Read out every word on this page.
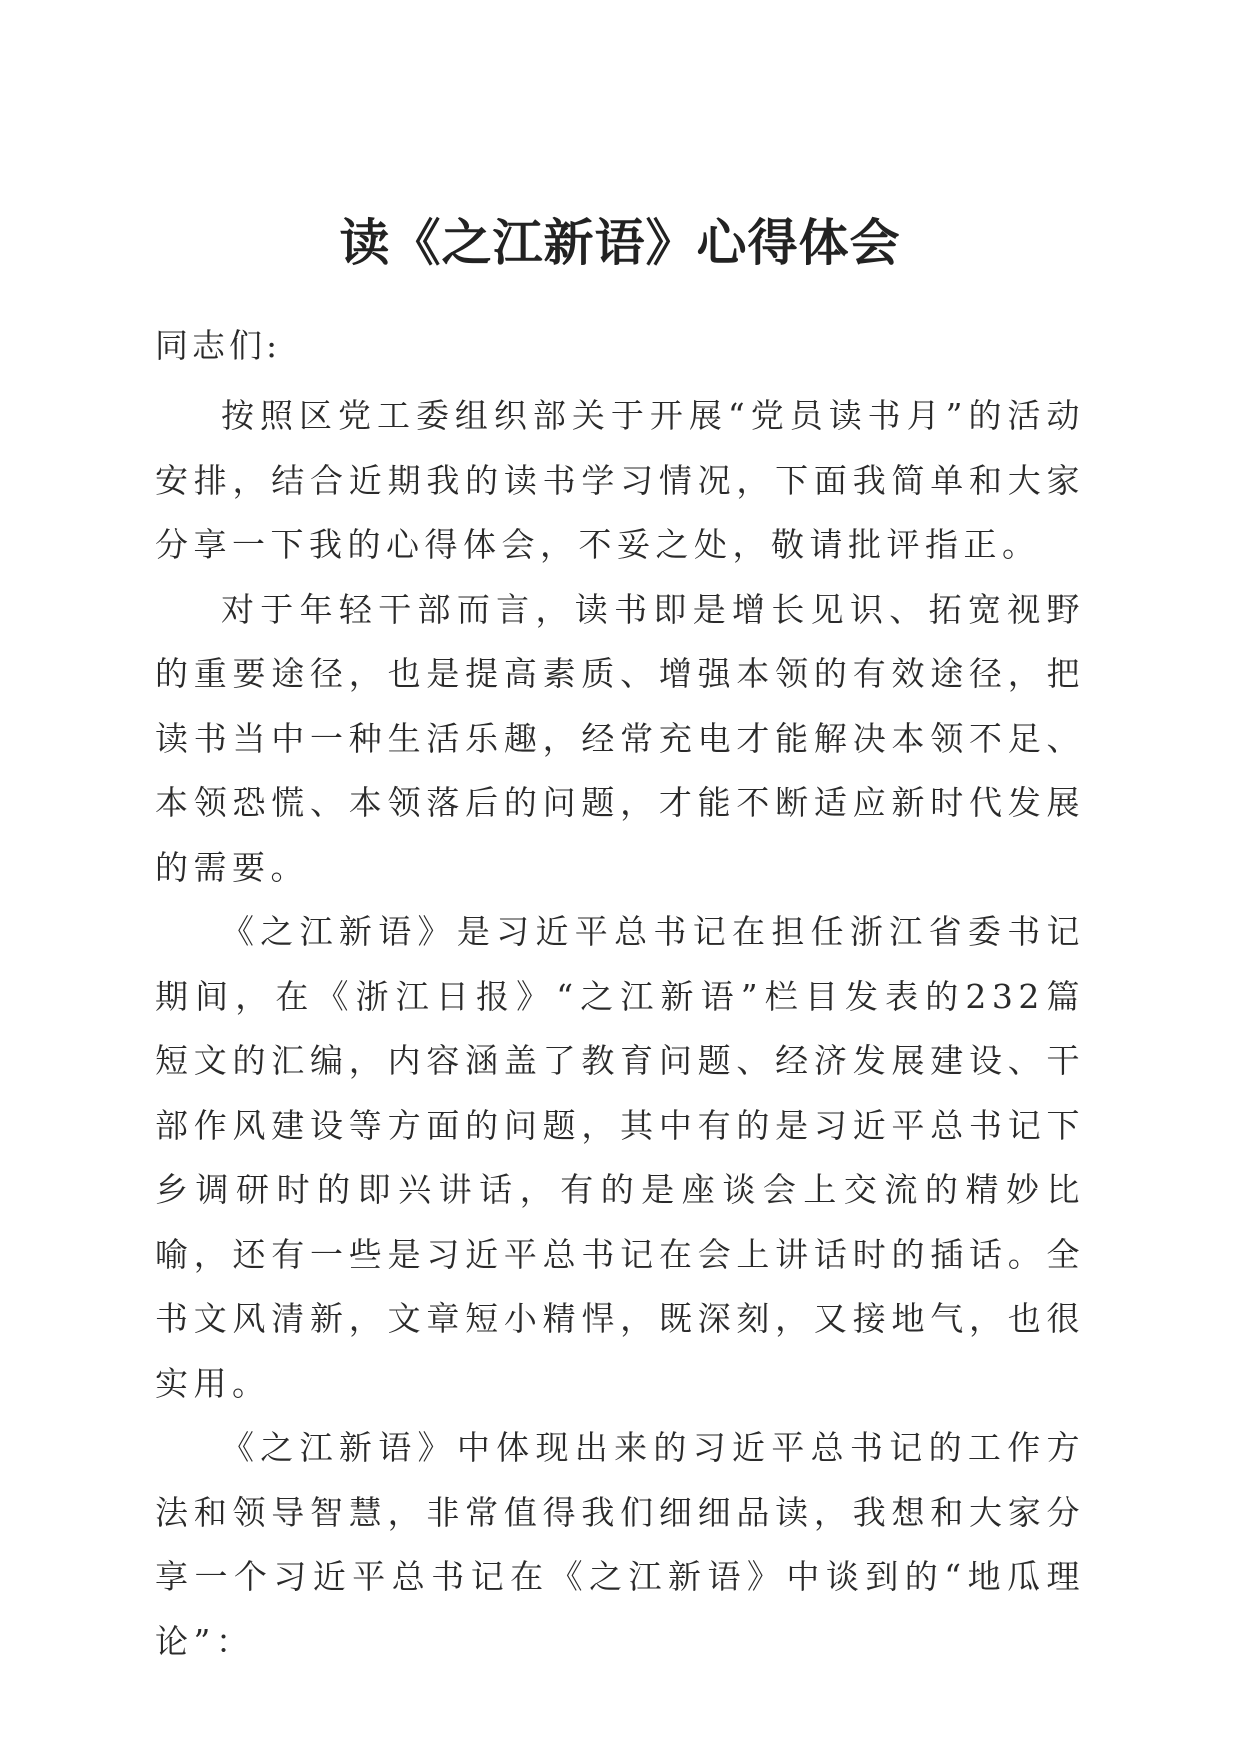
读《之江新语》心得体会
同志们:

按照区党工委组织部关于开展“党员读书月”的活动安排，结合近期我的读书学习情况，下面我简单和大家分享一下我的心得体会，不妥之处，敬请批评指正。

对于年轻干部而言，读书即是增长见识、拓宽视野的重要途径，也是提高素质、增强本领的有效途径，把读书当中一种生活乐趣，经常充电才能解决本领不足、本领恐慌、本领落后的问题，才能不断适应新时代发展的需要。

《之江新语》是习近平总书记在担任浙江省委书记期间，在《浙江日报》“之江新语”栏目发表的232篇短文的汇编，内容涵盖了教育问题、经济发展建设、干部作风建设等方面的问题，其中有的是习近平总书记下乡调研时的即兴讲话，有的是座谈会上交流的精妙比喻，还有一些是习近平总书记在会上讲话时的插话。全书文风清新，文章短小精悍，既深刻，又接地气，也很实用。

《之江新语》中体现出来的习近平总书记的工作方法和领导智慧，非常值得我们细细品读，我想和大家分享一个习近平总书记在《之江新语》中谈到的“地瓜理论”：
